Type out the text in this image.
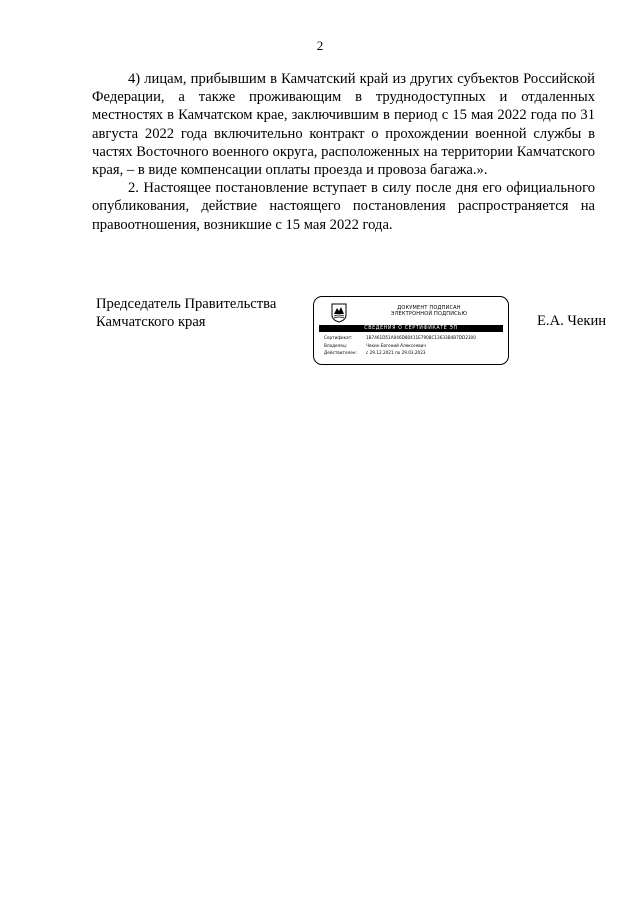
2

4) лицам, прибывшим в Камчатский край из других субъектов Российской Федерации, а также проживающим в труднодоступных и отдаленных местностях в Камчатском крае, заключившим в период с 15 мая 2022 года по 31 августа 2022 года включительно контракт о прохождении военной службы в частях Восточного военного округа, расположенных на территории Камчатского края, – в виде компенсации оплаты проезда и провоза багажа.».

2. Настоящее постановление вступает в силу после дня его официального опубликования, действие настоящего постановления распространяется на правоотношения, возникшие с 15 мая 2022 года.

Председатель Правительства
Камчатского края
ДОКУМЕНТ ПОДПИСАН
ЭЛЕКТРОННОЙ ПОДПИСЬЮ
СВЕДЕНИЯ О СЕРТИФИКАТЕ ЭП
Сертификат:	1B7461D51A046D80411E7908C13633B4B7DD2300
Владелец:	Чекин Евгений Алексеевич
Действителен:	с 29.12.2021 по 29.03.2023
Е.А. Чекин
